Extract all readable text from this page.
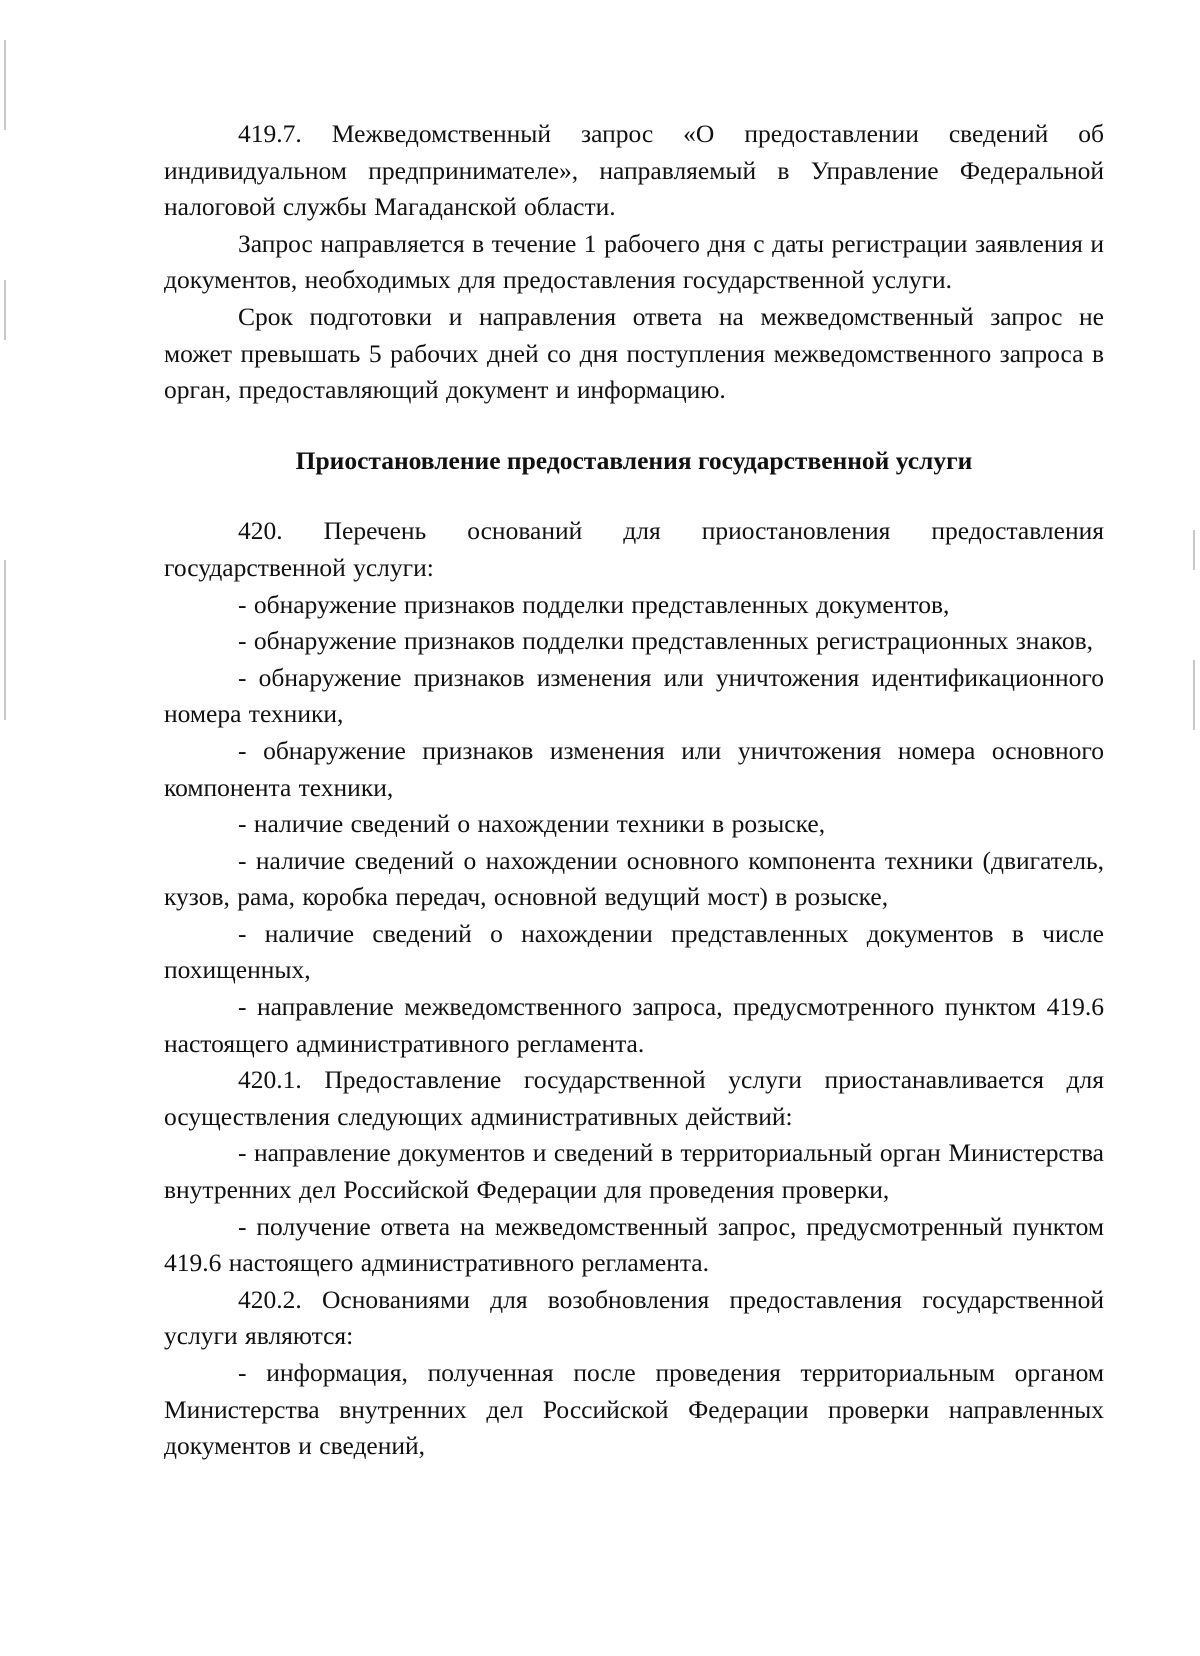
419.7. Межведомственный запрос «О предоставлении сведений об индивидуальном предпринимателе», направляемый в Управление Федеральной налоговой службы Магаданской области.

Запрос направляется в течение 1 рабочего дня с даты регистрации заявления и документов, необходимых для предоставления государственной услуги.

Срок подготовки и направления ответа на межведомственный запрос не может превышать 5 рабочих дней со дня поступления межведомственного запроса в орган, предоставляющий документ и информацию.

Приостановление предоставления государственной услуги

420. Перечень оснований для приостановления предоставления государственной услуги:

- обнаружение признаков подделки представленных документов,

- обнаружение признаков подделки представленных регистрационных знаков,

- обнаружение признаков изменения или уничтожения идентификационного номера техники,

- обнаружение признаков изменения или уничтожения номера основного компонента техники,

- наличие сведений о нахождении техники в розыске,

- наличие сведений о нахождении основного компонента техники (двигатель, кузов, рама, коробка передач, основной ведущий мост) в розыске,

- наличие сведений о нахождении представленных документов в числе похищенных,

- направление межведомственного запроса, предусмотренного пунктом 419.6 настоящего административного регламента.

420.1. Предоставление государственной услуги приостанавливается для осуществления следующих административных действий:

- направление документов и сведений в территориальный орган Министерства внутренних дел Российской Федерации для проведения проверки,

- получение ответа на межведомственный запрос, предусмотренный пунктом 419.6 настоящего административного регламента.

420.2. Основаниями для возобновления предоставления государственной услуги являются:

- информация, полученная после проведения территориальным органом Министерства внутренних дел Российской Федерации проверки направленных документов и сведений,
